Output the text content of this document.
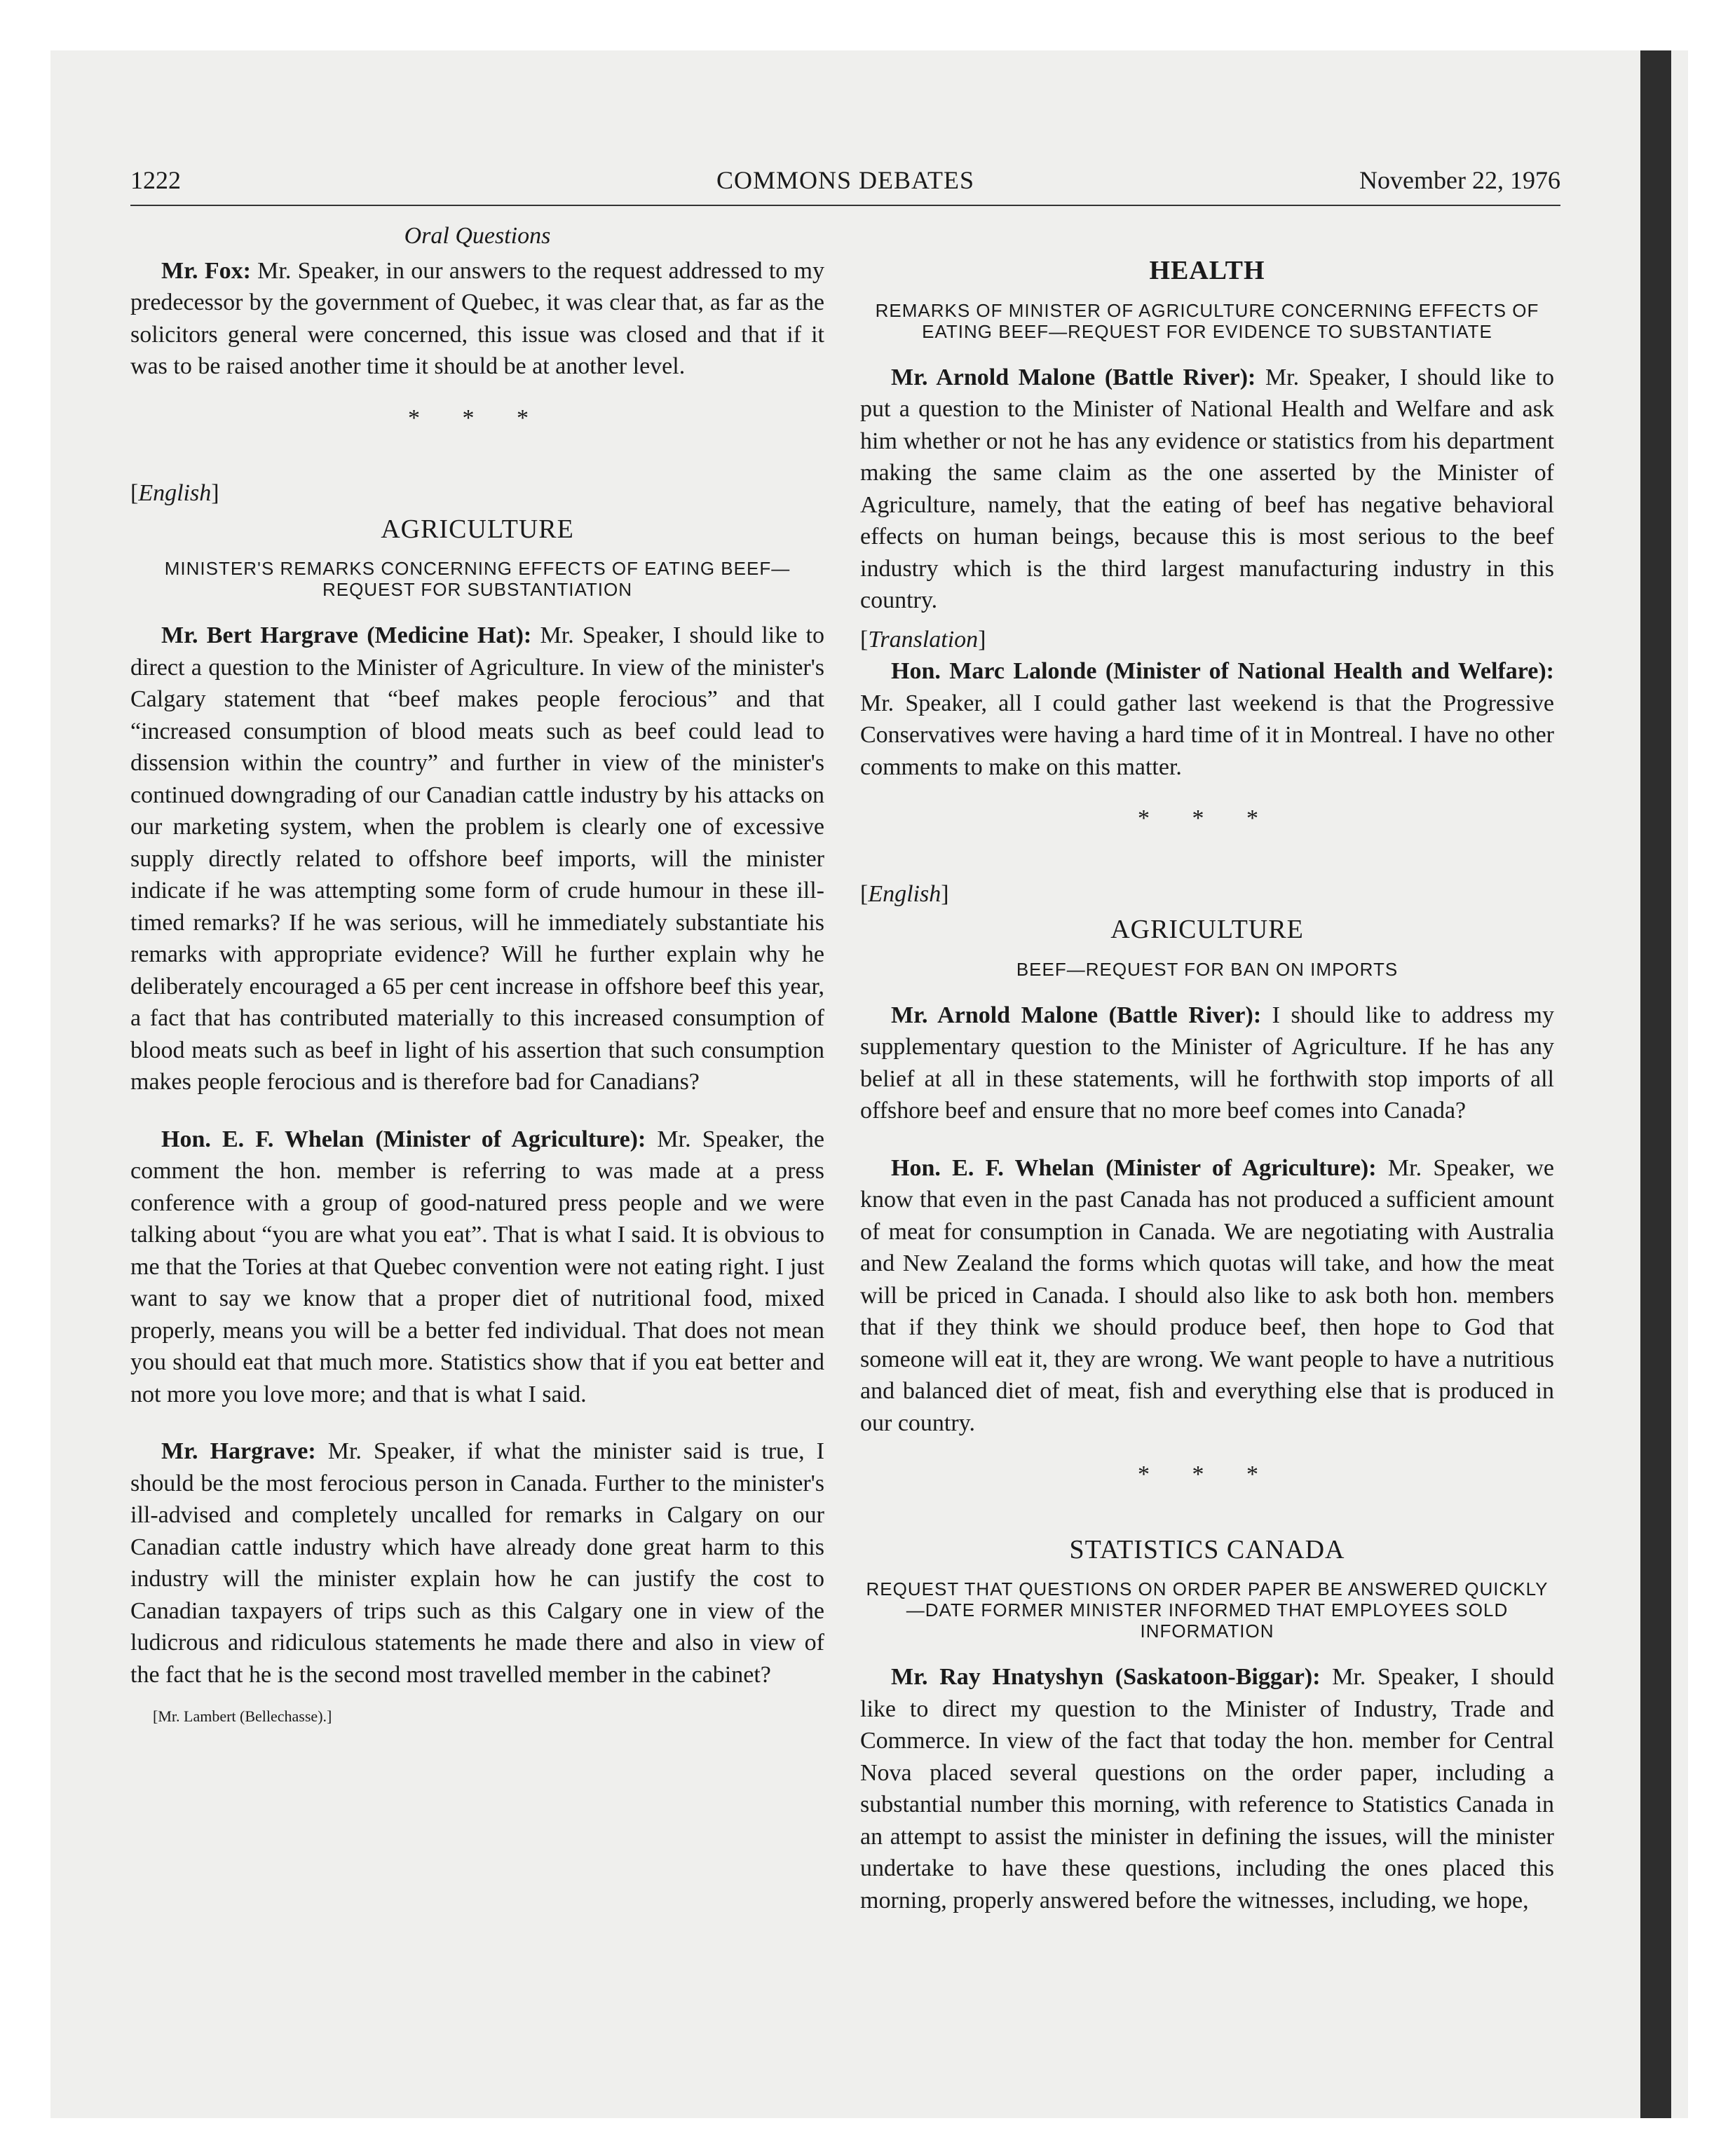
1222	COMMONS DEBATES	November 22, 1976

Oral Questions

Mr. Fox: Mr. Speaker, in our answers to the request addressed to my predecessor by the government of Quebec, it was clear that, as far as the solicitors general were concerned, this issue was closed and that if it was to be raised another time it should be at another level.

* * *

[English]

AGRICULTURE
MINISTER'S REMARKS CONCERNING EFFECTS OF EATING BEEF—REQUEST FOR SUBSTANTIATION

Mr. Bert Hargrave (Medicine Hat): Mr. Speaker, I should like to direct a question to the Minister of Agriculture. In view of the minister's Calgary statement that “beef makes people ferocious” and that “increased consumption of blood meats such as beef could lead to dissension within the country” and further in view of the minister's continued downgrading of our Canadian cattle industry by his attacks on our marketing system, when the problem is clearly one of excessive supply directly related to offshore beef imports, will the minister indicate if he was attempting some form of crude humour in these ill-timed remarks? If he was serious, will he immediately substantiate his remarks with appropriate evidence? Will he further explain why he deliberately encouraged a 65 per cent increase in offshore beef this year, a fact that has contributed materially to this increased consumption of blood meats such as beef in light of his assertion that such consumption makes people ferocious and is therefore bad for Canadians?

Hon. E. F. Whelan (Minister of Agriculture): Mr. Speaker, the comment the hon. member is referring to was made at a press conference with a group of good-natured press people and we were talking about “you are what you eat”. That is what I said. It is obvious to me that the Tories at that Quebec convention were not eating right. I just want to say we know that a proper diet of nutritional food, mixed properly, means you will be a better fed individual. That does not mean you should eat that much more. Statistics show that if you eat better and not more you love more; and that is what I said.

Mr. Hargrave: Mr. Speaker, if what the minister said is true, I should be the most ferocious person in Canada. Further to the minister's ill-advised and completely uncalled for remarks in Calgary on our Canadian cattle industry which have already done great harm to this industry will the minister explain how he can justify the cost to Canadian taxpayers of trips such as this Calgary one in view of the ludicrous and ridiculous statements he made there and also in view of the fact that he is the second most travelled member in the cabinet?

[Mr. Lambert (Bellechasse).]
HEALTH
REMARKS OF MINISTER OF AGRICULTURE CONCERNING EFFECTS OF EATING BEEF—REQUEST FOR EVIDENCE TO SUBSTANTIATE

Mr. Arnold Malone (Battle River): Mr. Speaker, I should like to put a question to the Minister of National Health and Welfare and ask him whether or not he has any evidence or statistics from his department making the same claim as the one asserted by the Minister of Agriculture, namely, that the eating of beef has negative behavioral effects on human beings, because this is most serious to the beef industry which is the third largest manufacturing industry in this country.

[Translation]

Hon. Marc Lalonde (Minister of National Health and Welfare): Mr. Speaker, all I could gather last weekend is that the Progressive Conservatives were having a hard time of it in Montreal. I have no other comments to make on this matter.

* * *

[English]

AGRICULTURE
BEEF—REQUEST FOR BAN ON IMPORTS

Mr. Arnold Malone (Battle River): I should like to address my supplementary question to the Minister of Agriculture. If he has any belief at all in these statements, will he forthwith stop imports of all offshore beef and ensure that no more beef comes into Canada?

Hon. E. F. Whelan (Minister of Agriculture): Mr. Speaker, we know that even in the past Canada has not produced a sufficient amount of meat for consumption in Canada. We are negotiating with Australia and New Zealand the forms which quotas will take, and how the meat will be priced in Canada. I should also like to ask both hon. members that if they think we should produce beef, then hope to God that someone will eat it, they are wrong. We want people to have a nutritious and balanced diet of meat, fish and everything else that is produced in our country.

* * *
STATISTICS CANADA
REQUEST THAT QUESTIONS ON ORDER PAPER BE ANSWERED QUICKLY—DATE FORMER MINISTER INFORMED THAT EMPLOYEES SOLD INFORMATION

Mr. Ray Hnatyshyn (Saskatoon-Biggar): Mr. Speaker, I should like to direct my question to the Minister of Industry, Trade and Commerce. In view of the fact that today the hon. member for Central Nova placed several questions on the order paper, including a substantial number this morning, with reference to Statistics Canada in an attempt to assist the minister in defining the issues, will the minister undertake to have these questions, including the ones placed this morning, properly answered before the witnesses, including, we hope,
